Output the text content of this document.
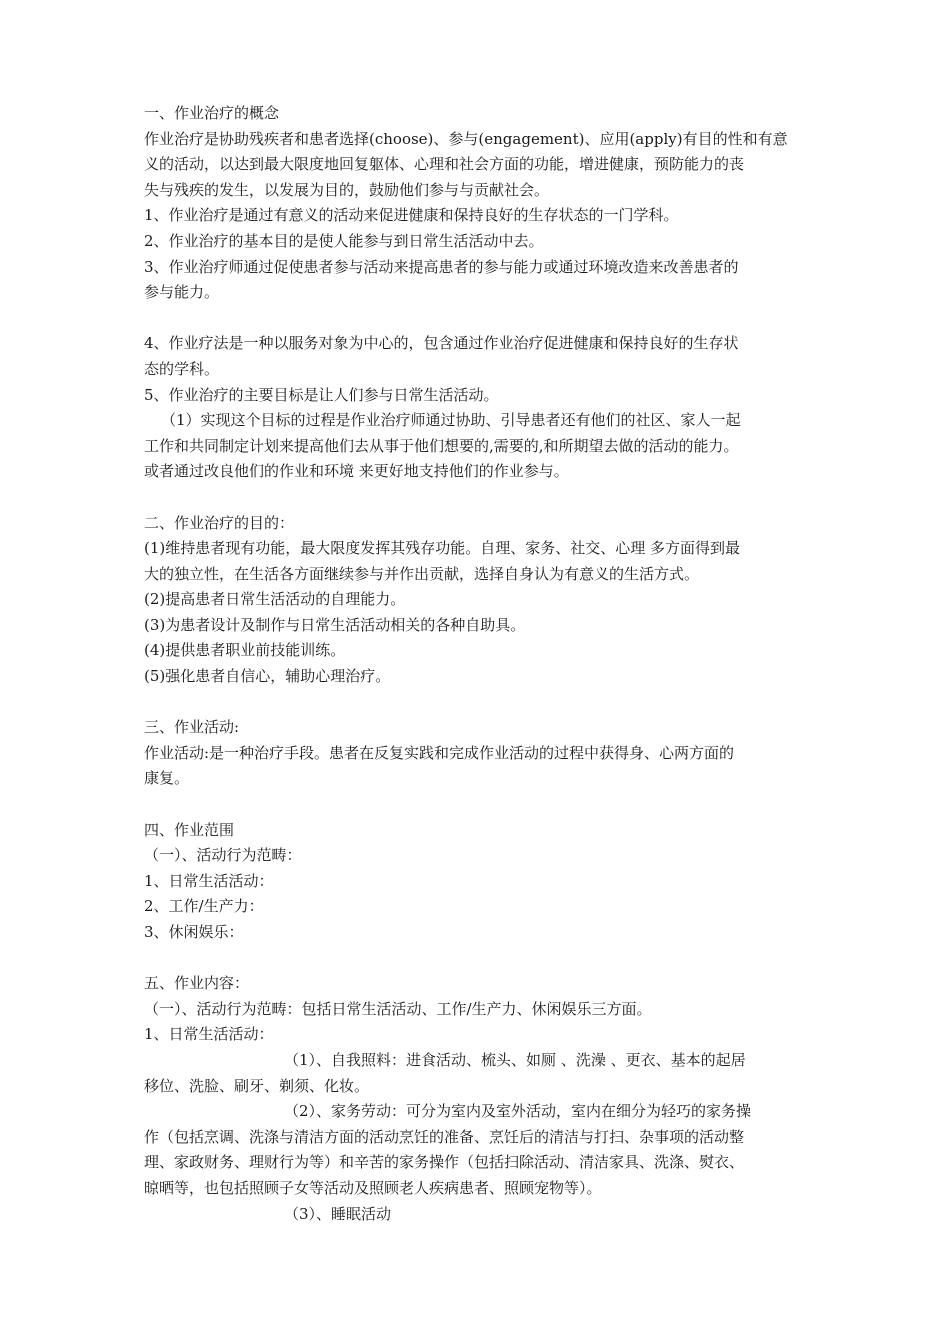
一、作业治疗的概念
作业治疗是协助残疾者和患者选择(choose)、参与(engagement)、应用(apply)有目的性和有意
义的活动，以达到最大限度地回复躯体、心理和社会方面的功能，增进健康，预防能力的丧
失与残疾的发生，以发展为目的，鼓励他们参与与贡献社会。
1、作业治疗是通过有意义的活动来促进健康和保持良好的生存状态的一门学科。
2、作业治疗的基本目的是使人能参与到日常生活活动中去。
3、作业治疗师通过促使患者参与活动来提高患者的参与能力或通过环境改造来改善患者的
参与能力。
4、作业疗法是一种以服务对象为中心的，包含通过作业治疗促进健康和保持良好的生存状
态的学科。
5、作业治疗的主要目标是让人们参与日常生活活动。
（1）实现这个目标的过程是作业治疗师通过协助、引导患者还有他们的社区、家人一起
工作和共同制定计划来提高他们去从事于他们想要的,需要的,和所期望去做的活动的能力。
或者通过改良他们的作业和环境 来更好地支持他们的作业参与。
二、作业治疗的目的：
(1)维持患者现有功能，最大限度发挥其残存功能。自理、家务、社交、心理 多方面得到最
大的独立性，在生活各方面继续参与并作出贡献，选择自身认为有意义的生活方式。
(2)提高患者日常生活活动的自理能力。
(3)为患者设计及制作与日常生活活动相关的各种自助具。
(4)提供患者职业前技能训练。
(5)强化患者自信心，辅助心理治疗。
三、作业活动:
作业活动:是一种治疗手段。患者在反复实践和完成作业活动的过程中获得身、心两方面的
康复。
四、作业范围
（一）、活动行为范畴：
1、日常生活活动：
2、工作/生产力：
3、休闲娱乐：
五、作业内容：
（一）、活动行为范畴：包括日常生活活动、工作/生产力、休闲娱乐三方面。
1、日常生活活动：
（1）、自我照料：进食活动、梳头、如厕 、洗澡 、更衣、基本的起居
移位、洗脸、刷牙、剃须、化妆。
（2）、家务劳动：可分为室内及室外活动，室内在细分为轻巧的家务操
作（包括烹调、洗涤与清洁方面的活动烹饪的准备、烹饪后的清洁与打扫、杂事项的活动整
理、家政财务、理财行为等）和辛苦的家务操作（包括扫除活动、清洁家具、洗涤、熨衣、
晾晒等，也包括照顾子女等活动及照顾老人疾病患者、照顾宠物等）。
（3）、睡眠活动
